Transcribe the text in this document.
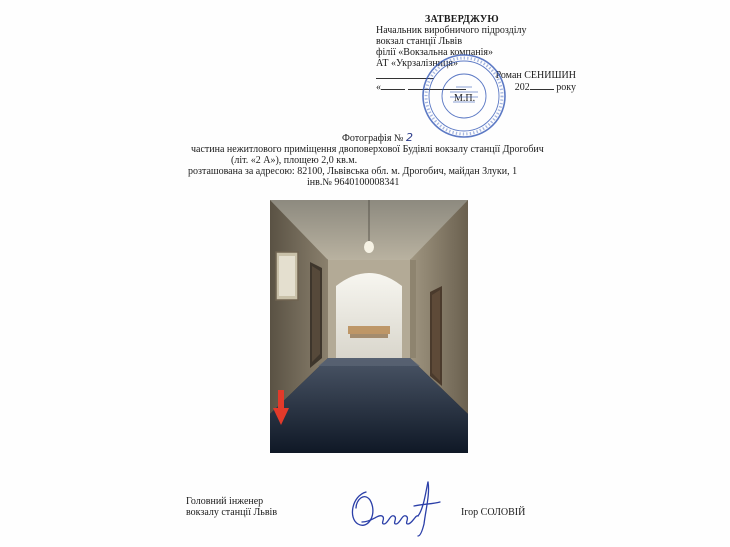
ЗАТВЕРДЖУЮ
Начальник виробничого підрозділу
вокзал станції Львів
філії «Вокзальна компанія»
АТ «Укрзалізниця»
Роман СЕНИШИН
«	202	року
М.П.
Фотографія № 2
частина нежитлового приміщення двоповерхової Будівлі вокзалу станції Дрогобич
(літ. «2 А»), площею 2,0 кв.м.
розташована за адресою: 82100, Львівська обл. м. Дрогобич, майдан Злуки, 1
інв.№ 9640100008341
Головний інженер
вокзалу станції Львів	Ігор СОЛОВІЙ
